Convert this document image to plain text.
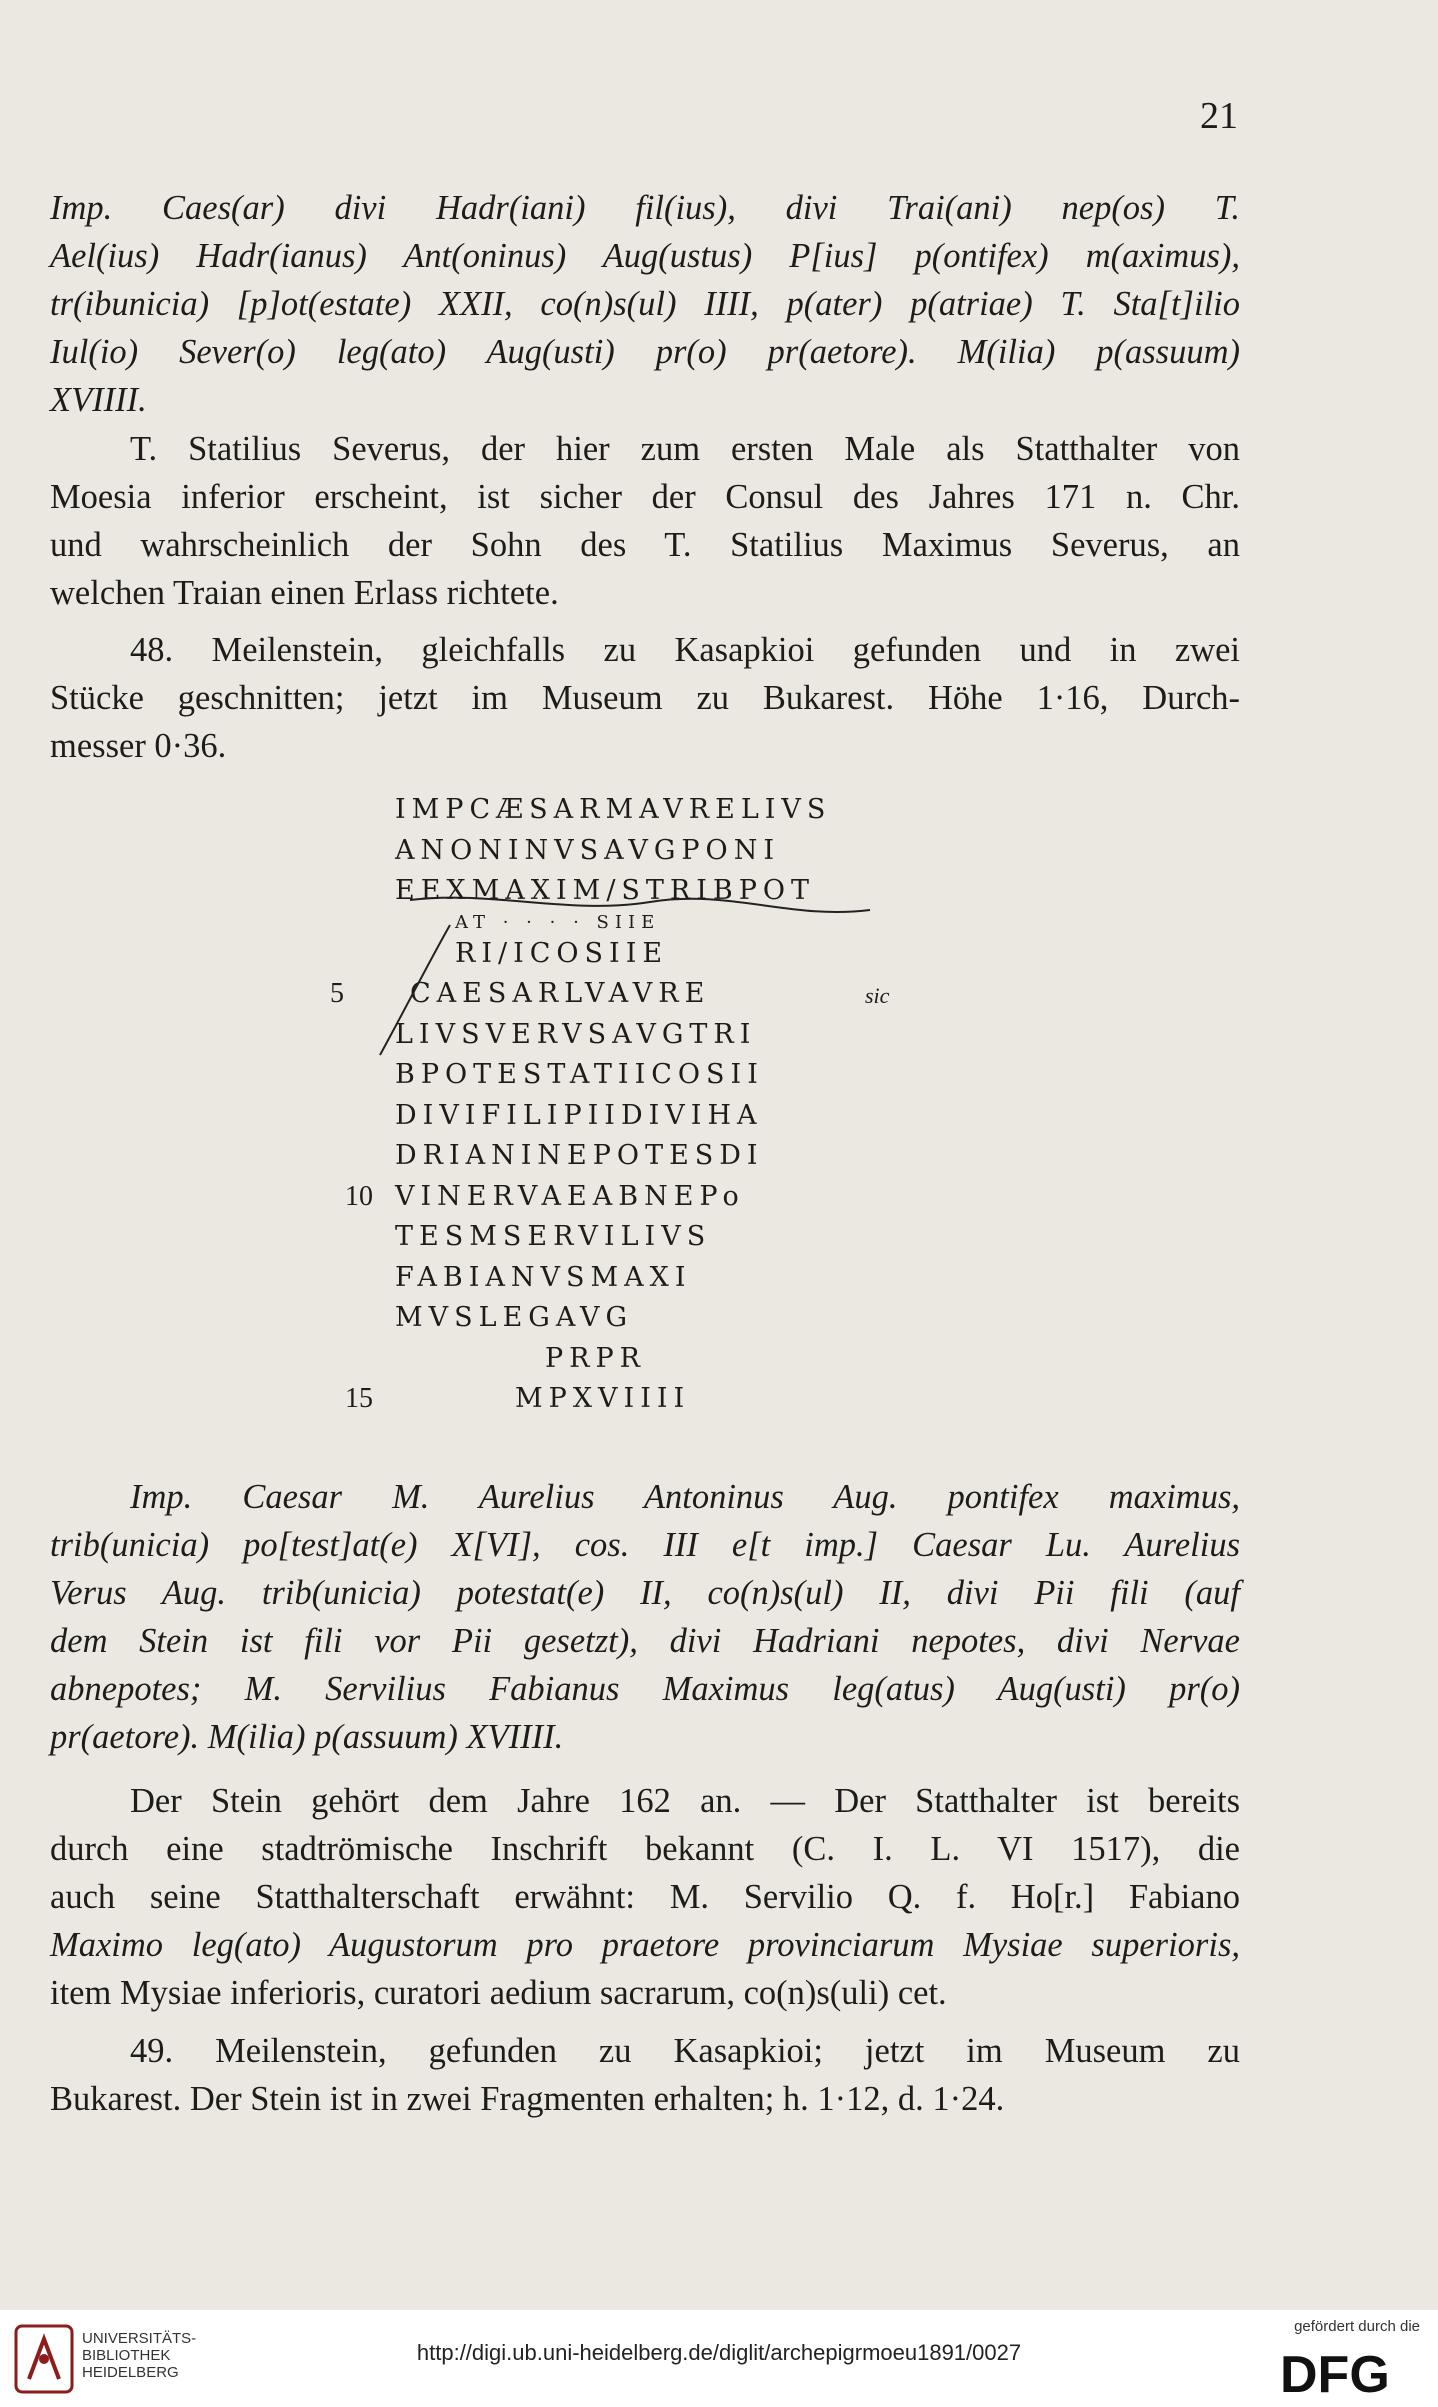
21
Imp. Caes(ar) divi Hadr(iani) fil(ius), divi Trai(ani) nep(os) T.
Ael(ius) Hadr(ianus) Ant(oninus) Aug(ustus) P[ius] p(ontifex) m(aximus),
tr(ibunicia) [p]ot(estate) XXII, co(n)s(ul) IIII, p(ater) p(atriae) T. Sta[t]ilio
Iul(io) Sever(o) leg(ato) Aug(usti) pr(o) pr(aetore). M(ilia) p(assuum)
XVIIII.
T. Statilius Severus, der hier zum ersten Male als Statthalter von
Moesia inferior erscheint, ist sicher der Consul des Jahres 171 n. Chr.
und wahrscheinlich der Sohn des T. Statilius Maximus Severus, an
welchen Traian einen Erlass richtete.
48. Meilenstein, gleichfalls zu Kasapkioi gefunden und in zwei
Stücke geschnitten; jetzt im Museum zu Bukarest. Höhe 1·16, Durch-
messer 0·36.
IMPCÆSARMAVRELIVS
ANONINVSAVGPONI
EEXMAXIM/STRIBPOT
AT · · · · SIIE
RI/ICOSIIE
5 CAESARLVAVRE	sic
LIVSVERVSAVGTRI
BPOTESTATIICOSII
DIVIFILIPIIDIVIHA
DRIANINEPOTESDI
10 VINERVAEABNEPo
TESMSERVILIVS
FABIANVSMAXI
MVSLEGAVG
PRPR
15	MPXVIIII
Imp. Caesar M. Aurelius Antoninus Aug. pontifex maximus,
trib(unicia) po[test]at(e) X[VI], cos. III e[t imp.] Caesar Lu. Aurelius
Verus Aug. trib(unicia) potestat(e) II, co(n)s(ul) II, divi Pii fili (auf
dem Stein ist fili vor Pii gesetzt), divi Hadriani nepotes, divi Nervae
abnepotes; M. Servilius Fabianus Maximus leg(atus) Aug(usti) pr(o)
pr(aetore). M(ilia) p(assuum) XVIIII.
Der Stein gehört dem Jahre 162 an. — Der Statthalter ist bereits
durch eine stadtrömische Inschrift bekannt (C. I. L. VI 1517), die
auch seine Statthalterschaft erwähnt: M. Servilio Q. f. Ho[r.] Fabiano
Maximo leg(ato) Augustorum pro praetore provinciarum Mysiae superioris,
item Mysiae inferioris, curatori aedium sacrarum, co(n)s(uli) cet.
49. Meilenstein, gefunden zu Kasapkioi; jetzt im Museum zu
Bukarest. Der Stein ist in zwei Fragmenten erhalten; h. 1·12, d. 1·24.
UNIVERSITÄTS-
BIBLIOTHEK
HEIDELBERG
http://digi.ub.uni-heidelberg.de/diglit/archepigrmoeu1891/0027
gefördert durch die
DFG
